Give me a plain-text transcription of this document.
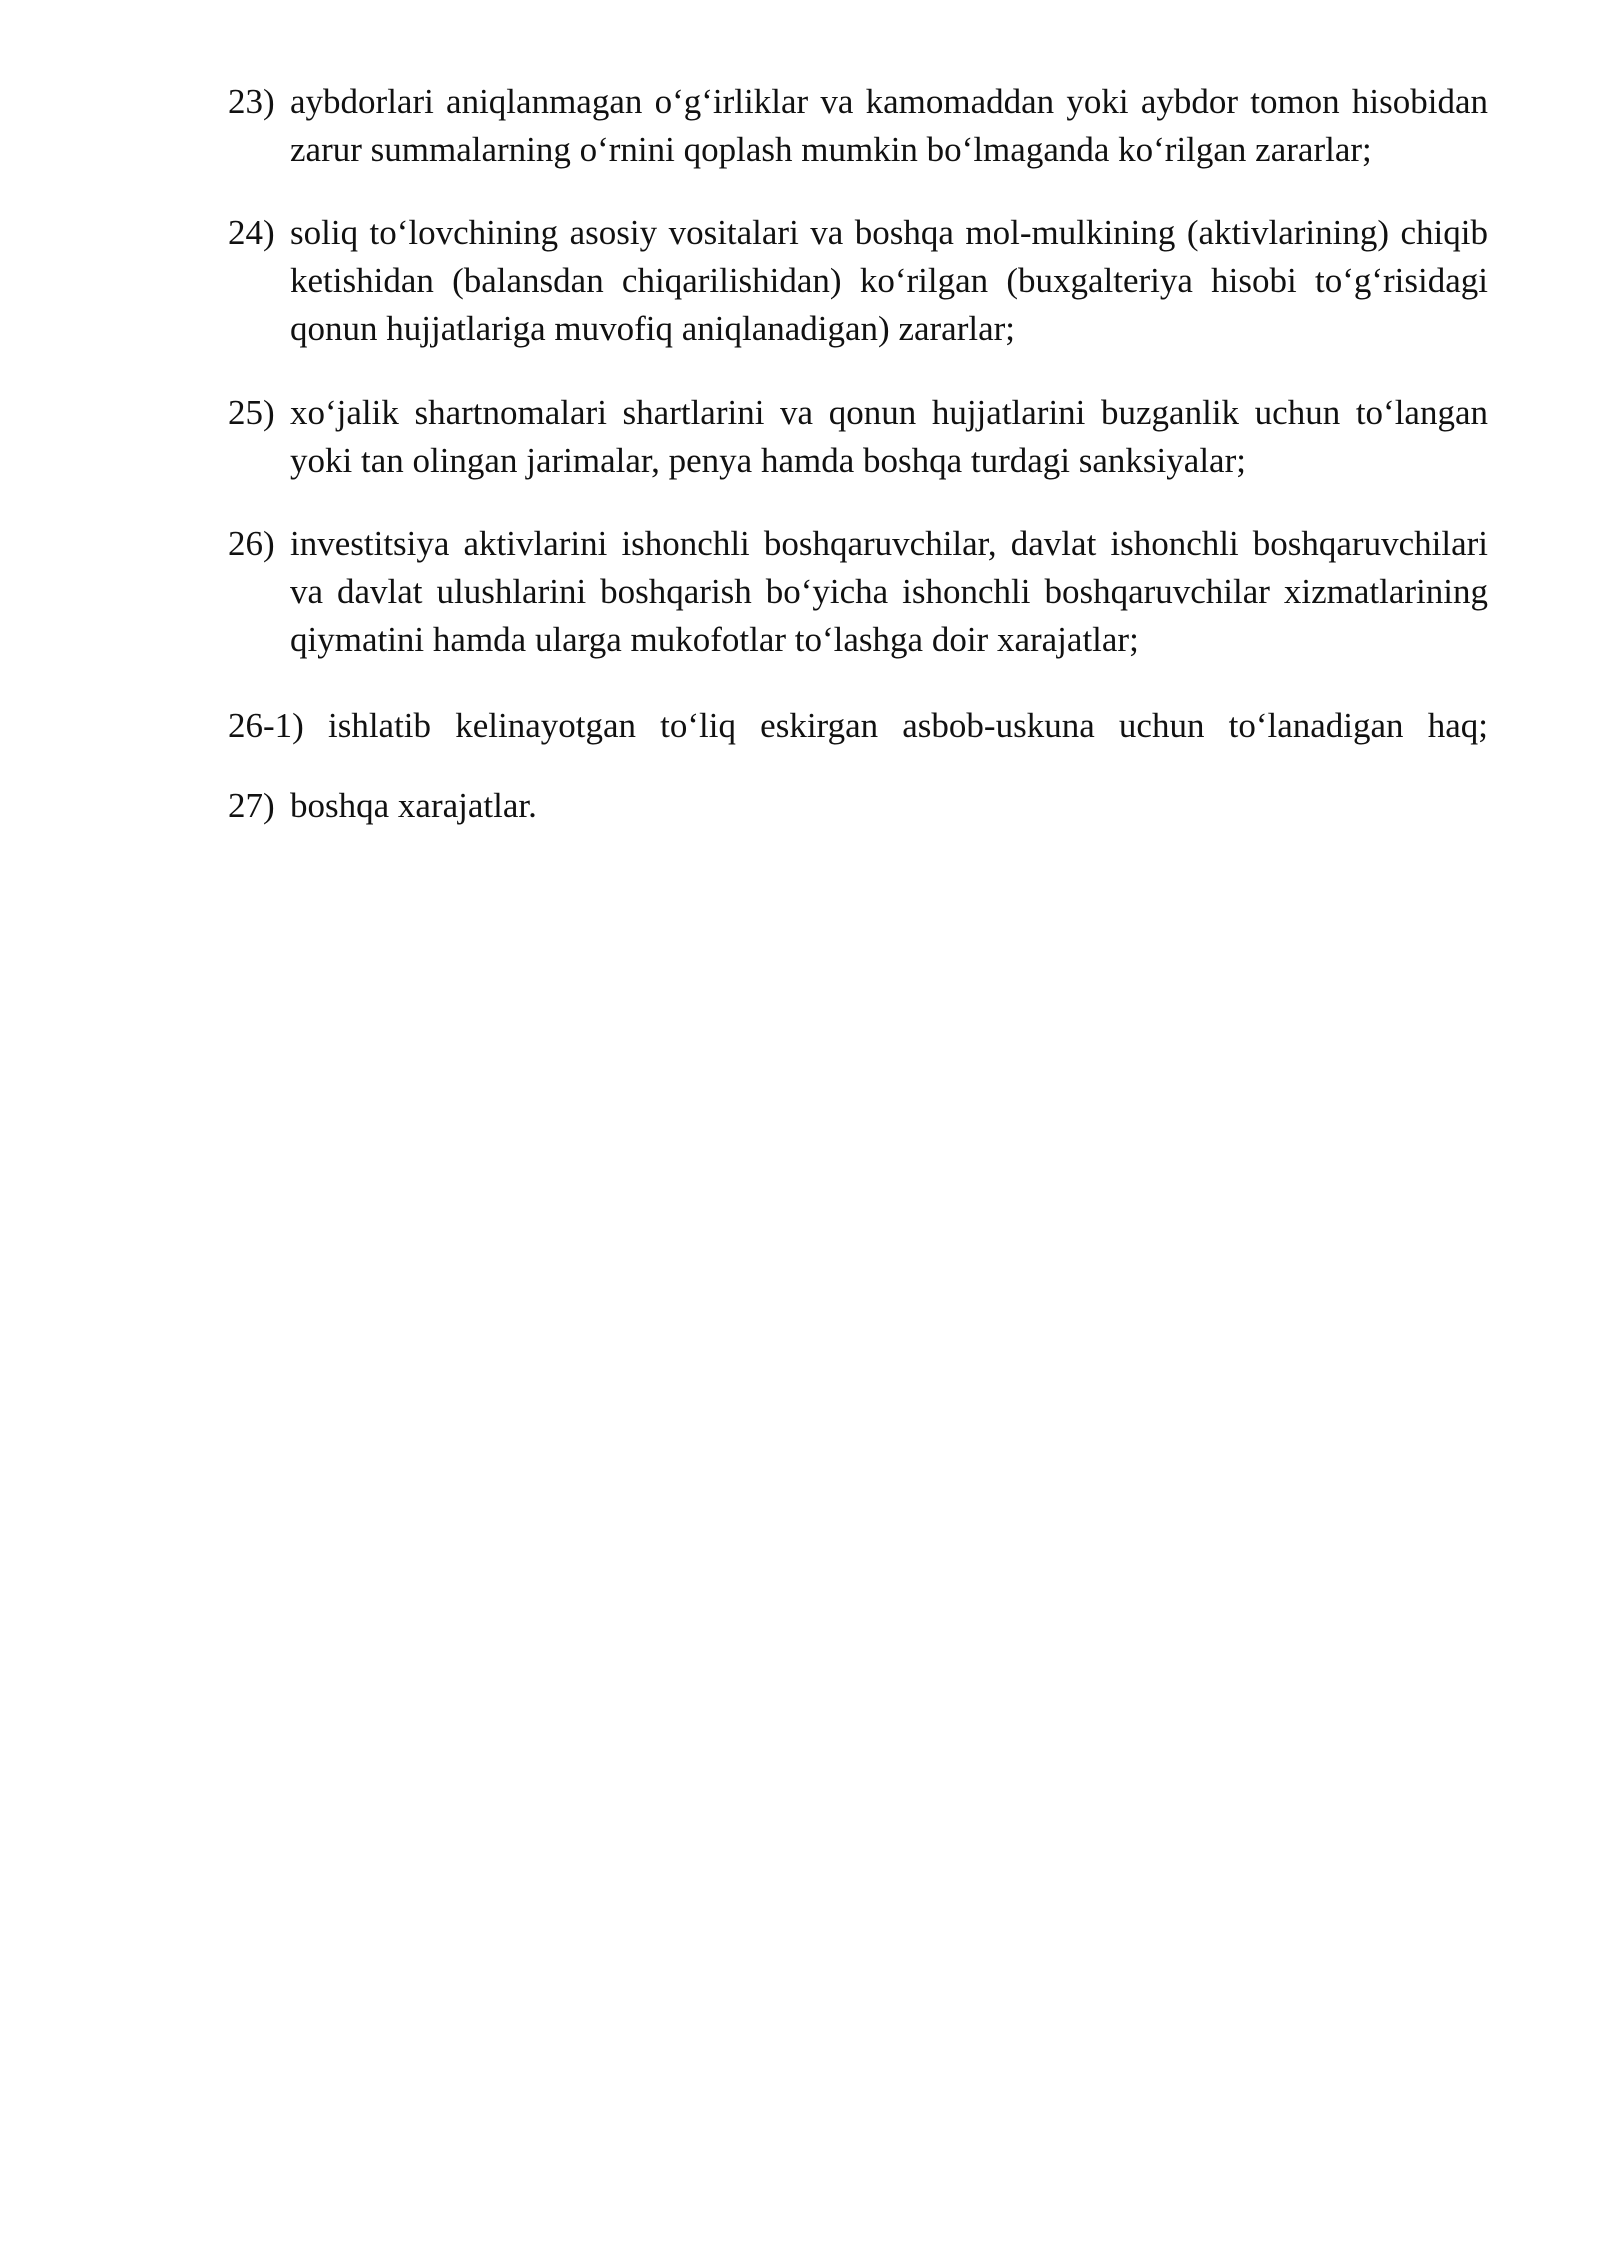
23) aybdorlari aniqlanmagan o‘g‘irliklar va kamomaddan yoki aybdor tomon hisobidan zarur summalarning o‘rnini qoplash mumkin bo‘lmaganda ko‘rilgan zararlar;
24) soliq to‘lovchining asosiy vositalari va boshqa mol-mulkining (aktivlarining) chiqib ketishidan (balansdan chiqarilishidan) ko‘rilgan (buxgalteriya hisobi to‘g‘risidagi qonun hujjatlariga muvofiq aniqlanadigan) zararlar;
25) xo‘jalik shartnomalari shartlarini va qonun hujjatlarini buzganlik uchun to‘langan yoki tan olingan jarimalar, penya hamda boshqa turdagi sanksiyalar;
26) investitsiya aktivlarini ishonchli boshqaruvchilar, davlat ishonchli boshqaruvchilari va davlat ulushlarini boshqarish bo‘yicha ishonchli boshqaruvchilar xizmatlarining qiymatini hamda ularga mukofotlar to‘lashga doir xarajatlar;
26-1) ishlatib kelinayotgan to‘liq eskirgan asbob-uskuna uchun to‘lanadigan haq;
27) boshqa xarajatlar.
